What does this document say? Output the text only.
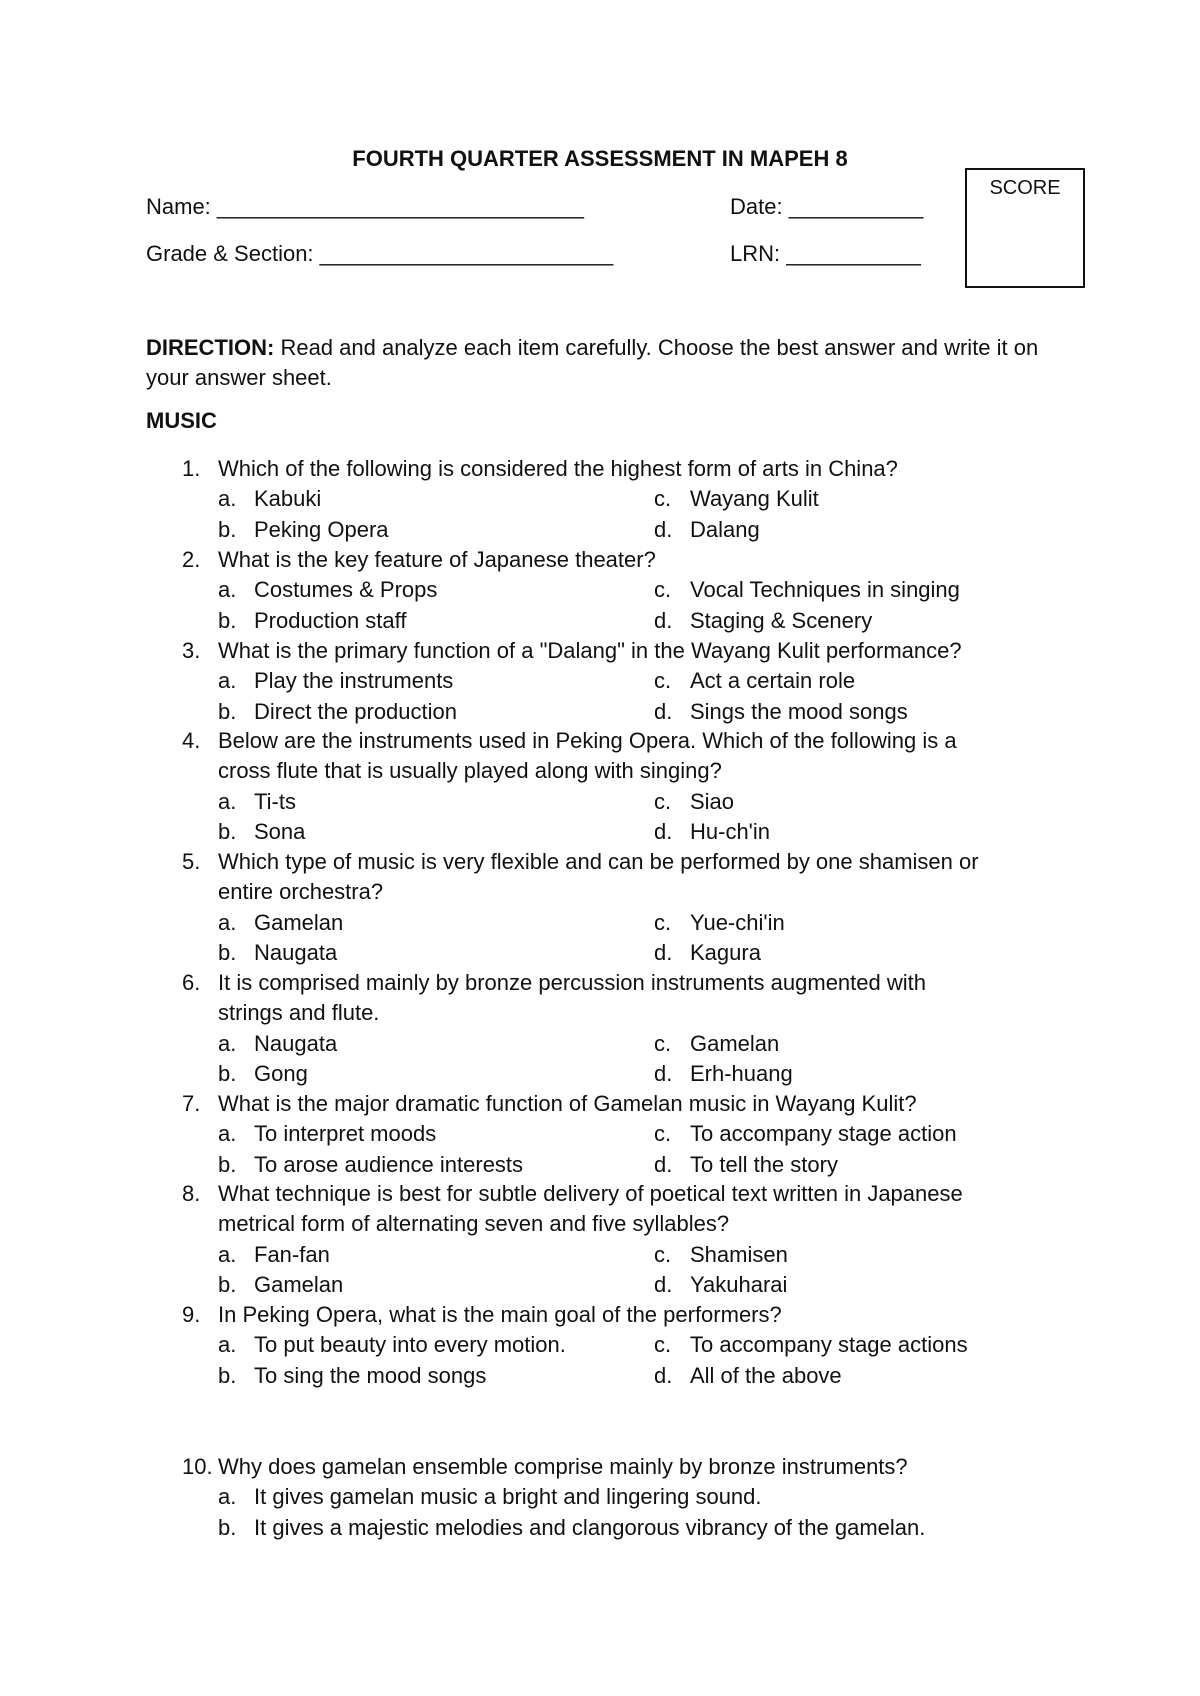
FOURTH QUARTER ASSESSMENT IN MAPEH 8
Name: ______________________________	Date: ___________
Grade & Section: ________________________	LRN: ___________
SCORE
DIRECTION: Read and analyze each item carefully. Choose the best answer and write it on your answer sheet.
MUSIC
1. Which of the following is considered the highest form of arts in China?
a. Kabuki	c. Wayang Kulit
b. Peking Opera	d. Dalang
2. What is the key feature of Japanese theater?
a. Costumes & Props	c. Vocal Techniques in singing
b. Production staff	d. Staging & Scenery
3. What is the primary function of a "Dalang" in the Wayang Kulit performance?
a. Play the instruments	c. Act a certain role
b. Direct the production	d. Sings the mood songs
4. Below are the instruments used in Peking Opera. Which of the following is a
cross flute that is usually played along with singing?
a. Ti-ts	c. Siao
b. Sona	d. Hu-ch'in
5. Which type of music is very flexible and can be performed by one shamisen or
entire orchestra?
a. Gamelan	c. Yue-chi'in
b. Naugata	d. Kagura
6. It is comprised mainly by bronze percussion instruments augmented with
strings and flute.
a. Naugata	c. Gamelan
b. Gong	d. Erh-huang
7. What is the major dramatic function of Gamelan music in Wayang Kulit?
a. To interpret moods	c. To accompany stage action
b. To arose audience interests	d. To tell the story
8. What technique is best for subtle delivery of poetical text written in Japanese
metrical form of alternating seven and five syllables?
a. Fan-fan	c. Shamisen
b. Gamelan	d. Yakuharai
9. In Peking Opera, what is the main goal of the performers?
a. To put beauty into every motion.	c. To accompany stage actions
b. To sing the mood songs	d. All of the above
10. Why does gamelan ensemble comprise mainly by bronze instruments?
a. It gives gamelan music a bright and lingering sound.
b. It gives a majestic melodies and clangorous vibrancy of the gamelan.
